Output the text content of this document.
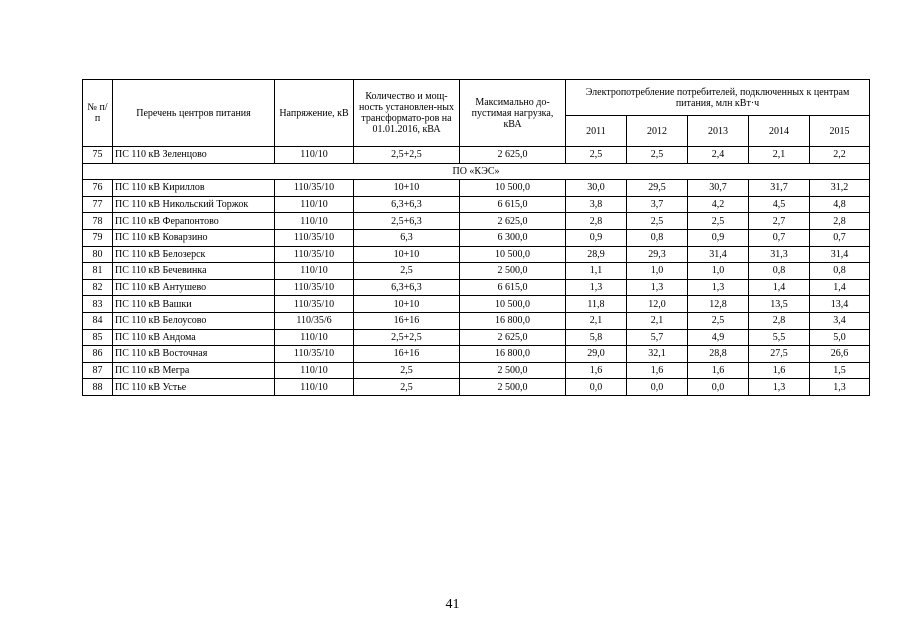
№ п/п	Перечень центров питания	Напряжение, кВ	Количество и мощ-ность установлен-ных трансформато-ров на 01.01.2016, кВА	Максимально до-пустимая нагрузка, кВА	Электропотребление потребителей, подключенных к центрам питания, млн кВт·ч				
					2011	2012	2013	2014	2015
75	ПС 110 кВ Зеленцово	110/10	2,5+2,5	2 625,0	2,5	2,5	2,4	2,1	2,2
ПО «КЭС»									
76	ПС 110 кВ Кириллов	110/35/10	10+10	10 500,0	30,0	29,5	30,7	31,7	31,2
77	ПС 110 кВ Никольский Торжок	110/10	6,3+6,3	6 615,0	3,8	3,7	4,2	4,5	4,8
78	ПС 110 кВ Ферапонтово	110/10	2,5+6,3	2 625,0	2,8	2,5	2,5	2,7	2,8
79	ПС 110 кВ Коварзино	110/35/10	6,3	6 300,0	0,9	0,8	0,9	0,7	0,7
80	ПС 110 кВ Белозерск	110/35/10	10+10	10 500,0	28,9	29,3	31,4	31,3	31,4
81	ПС 110 кВ Бечевинка	110/10	2,5	2 500,0	1,1	1,0	1,0	0,8	0,8
82	ПС 110 кВ Антушево	110/35/10	6,3+6,3	6 615,0	1,3	1,3	1,3	1,4	1,4
83	ПС 110 кВ Вашки	110/35/10	10+10	10 500,0	11,8	12,0	12,8	13,5	13,4
84	ПС 110 кВ Белоусово	110/35/6	16+16	16 800,0	2,1	2,1	2,5	2,8	3,4
85	ПС 110 кВ Андома	110/10	2,5+2,5	2 625,0	5,8	5,7	4,9	5,5	5,0
86	ПС 110 кВ Восточная	110/35/10	16+16	16 800,0	29,0	32,1	28,8	27,5	26,6
87	ПС 110 кВ Мегра	110/10	2,5	2 500,0	1,6	1,6	1,6	1,6	1,5
88	ПС 110 кВ Устье	110/10	2,5	2 500,0	0,0	0,0	0,0	1,3	1,3
41
